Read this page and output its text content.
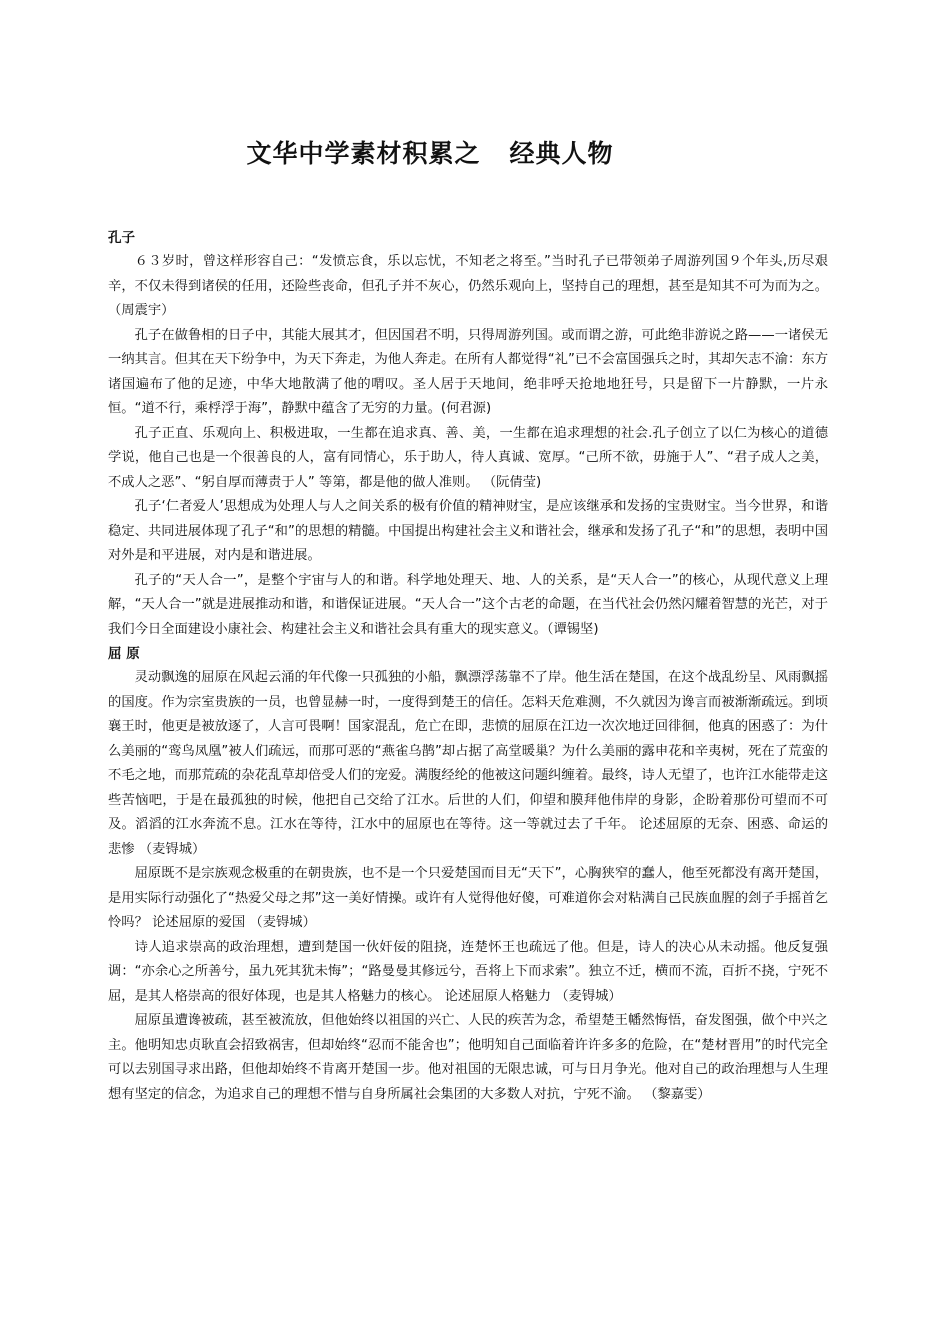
文华中学素材积累之   经典人物
孔子

６３岁时，曾这样形容自己：“发愤忘食，乐以忘忧，不知老之将至。”当时孔子已带领弟子周游列国９个年头,历尽艰辛，不仅未得到诸侯的任用，还险些丧命，但孔子并不灰心，仍然乐观向上，坚持自己的理想，甚至是知其不可为而为之。 （周震宇）

孔子在做鲁相的日子中，其能大展其才，但因国君不明，只得周游列国。或而谓之游，可此绝非游说之路——一诸侯无一纳其言。但其在天下纷争中，为天下奔走，为他人奔走。在所有人都觉得“礼”已不会富国强兵之时，其却矢志不渝：东方诸国遍布了他的足迹，中华大地散满了他的喟叹。圣人居于天地间，绝非呼天抢地地狂号，只是留下一片静默，一片永恒。“道不行，乘桴浮于海”，静默中蕴含了无穷的力量。(何君源)

孔子正直、乐观向上、积极进取，一生都在追求真、善、美，一生都在追求理想的社会.孔子创立了以仁为核心的道德学说，他自己也是一个很善良的人，富有同情心，乐于助人，待人真诚、宽厚。“己所不欲，毋施于人”、“君子成人之美，不成人之恶”、“躬自厚而薄责于人” 等第，都是他的做人准则。 （阮倩莹)

孔子‘仁者爱人’思想成为处理人与人之间关系的极有价值的精神财宝，是应该继承和发扬的宝贵财宝。当今世界，和谐稳定、共同进展体现了孔子“和”的思想的精髓。中国提出构建社会主义和谐社会，继承和发扬了孔子“和”的思想，表明中国对外是和平进展，对内是和谐进展。

孔子的“天人合一”，是整个宇宙与人的和谐。科学地处理天、地、人的关系，是“天人合一”的核心，从现代意义上理解，“天人合一”就是进展推动和谐，和谐保证进展。“天人合一”这个古老的命题，在当代社会仍然闪耀着智慧的光芒，对于我们今日全面建设小康社会、构建社会主义和谐社会具有重大的现实意义。（谭锡坚)

屈 原

灵动飘逸的屈原在风起云涌的年代像一只孤独的小船，飘漂浮荡靠不了岸。他生活在楚国，在这个战乱纷呈、风雨飘摇的国度。作为宗室贵族的一员，也曾显赫一时，一度得到楚王的信任。怎料天危难测，不久就因为谗言而被渐渐疏远。到顷襄王时，他更是被放逐了，人言可畏啊！国家混乱，危亡在即，悲愤的屈原在江边一次次地迂回徘徊，他真的困惑了：为什么美丽的“鸾鸟凤凰”被人们疏远，而那可恶的“燕雀乌鹊”却占据了高堂暖巢？为什么美丽的露申花和辛夷树，死在了荒蛮的不毛之地，而那荒疏的杂花乱草却倍受人们的宠爱。满腹经纶的他被这问题纠缠着。最终，诗人无望了，也许江水能带走这些苦恼吧，于是在最孤独的时候，他把自己交给了江水。后世的人们，仰望和膜拜他伟岸的身影，企盼着那份可望而不可及。滔滔的江水奔流不息。江水在等待，江水中的屈原也在等待。这一等就过去了千年。 论述屈原的无奈、困惑、命运的悲惨 （麦锝城）

屈原既不是宗族观念极重的在朝贵族，也不是一个只爱楚国而目无“天下”，心胸狭窄的蠢人，他至死都没有离开楚国，是用实际行动强化了“热爱父母之邦”这一美好情操。或许有人觉得他好傻，可难道你会对粘满自己民族血腥的刽子手摇首乞怜吗？ 论述屈原的爱国 （麦锝城）

诗人追求崇高的政治理想，遭到楚国一伙奸佞的阻挠，连楚怀王也疏远了他。但是，诗人的决心从未动摇。他反复强调：“亦余心之所善兮，虽九死其犹未悔”；“路曼曼其修远兮，吾将上下而求索”。独立不迁，横而不流，百折不挠，宁死不屈，是其人格崇高的很好体现，也是其人格魅力的核心。 论述屈原人格魅力 （麦锝城）

屈原虽遭谗被疏，甚至被流放，但他始终以祖国的兴亡、人民的疾苦为念，希望楚王幡然悔悟，奋发图强，做个中兴之主。他明知忠贞耿直会招致祸害，但却始终“忍而不能舍也”；他明知自己面临着许许多多的危险，在“楚材晋用”的时代完全可以去别国寻求出路，但他却始终不肯离开楚国一步。他对祖国的无限忠诚，可与日月争光。他对自己的政治理想与人生理想有坚定的信念，为追求自己的理想不惜与自身所属社会集团的大多数人对抗，宁死不渝。 （黎嘉雯）
